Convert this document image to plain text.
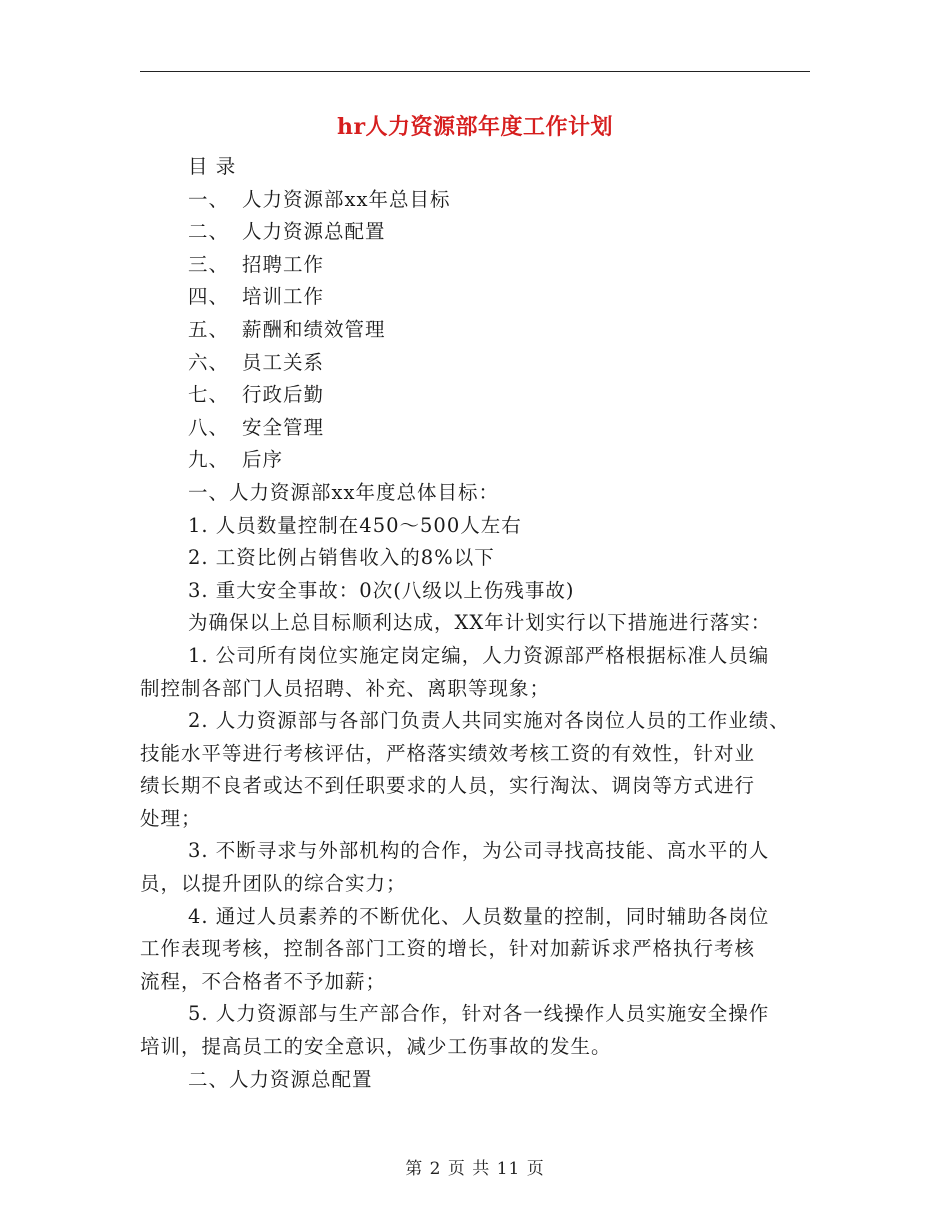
hr人力资源部年度工作计划
目 录
一、 人力资源部xx年总目标
二、 人力资源总配置
三、 招聘工作
四、 培训工作
五、 薪酬和绩效管理
六、 员工关系
七、 行政后勤
八、 安全管理
九、 后序
一、人力资源部xx年度总体目标：
1. 人员数量控制在450～500人左右
2. 工资比例占销售收入的8%以下
3. 重大安全事故：0次(八级以上伤残事故)
为确保以上总目标顺利达成，XX年计划实行以下措施进行落实：
1. 公司所有岗位实施定岗定编，人力资源部严格根据标准人员编
制控制各部门人员招聘、补充、离职等现象；
2. 人力资源部与各部门负责人共同实施对各岗位人员的工作业绩、
技能水平等进行考核评估，严格落实绩效考核工资的有效性，针对业
绩长期不良者或达不到任职要求的人员，实行淘汰、调岗等方式进行
处理；
3. 不断寻求与外部机构的合作，为公司寻找高技能、高水平的人
员，以提升团队的综合实力；
4. 通过人员素养的不断优化、人员数量的控制，同时辅助各岗位
工作表现考核，控制各部门工资的增长，针对加薪诉求严格执行考核
流程，不合格者不予加薪；
5. 人力资源部与生产部合作，针对各一线操作人员实施安全操作
培训，提高员工的安全意识，减少工伤事故的发生。
二、人力资源总配置
第 2 页 共 11 页
